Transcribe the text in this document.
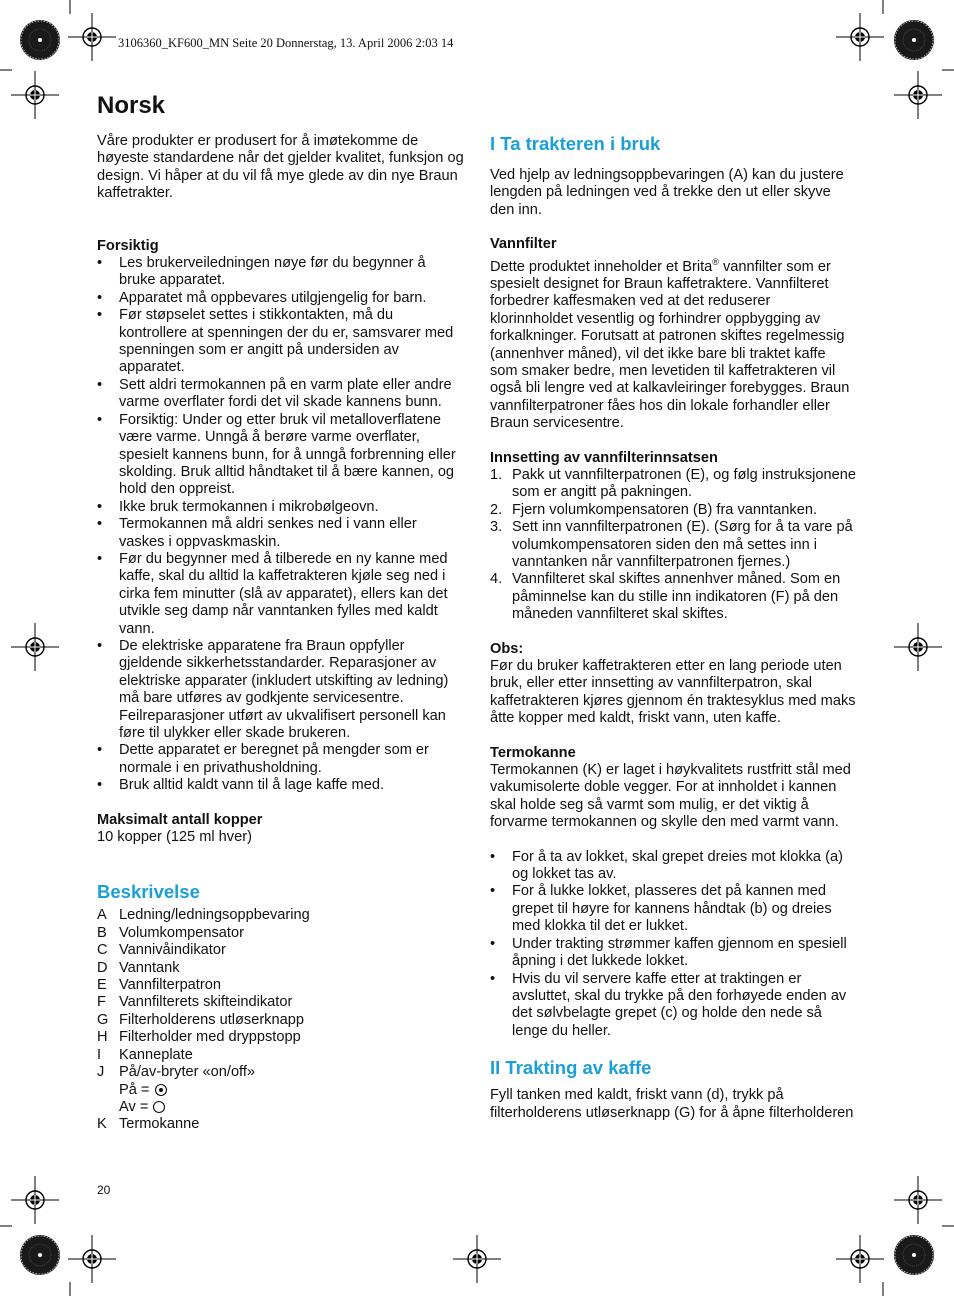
3106360_KF600_MN Seite 20 Donnerstag, 13. April 2006 2:03 14
Norsk

Våre produkter er produsert for å imøtekomme de høyeste standardene når det gjelder kvalitet, funksjon og design. Vi håper at du vil få mye glede av din nye Braun kaffetrakter.

Forsiktig

• Les brukerveiledningen nøye før du begynner å bruke apparatet.
• Apparatet må oppbevares utilgjengelig for barn.
• Før støpselet settes i stikkontakten, må du kontrollere at spenningen der du er, samsvarer med spenningen som er angitt på undersiden av apparatet.
• Sett aldri termokannen på en varm plate eller andre varme overflater fordi det vil skade kannens bunn.
• Forsiktig: Under og etter bruk vil metalloverflatene være varme. Unngå å berøre varme overflater, spesielt kannens bunn, for å unngå forbrenning eller skolding. Bruk alltid håndtaket til å bære kannen, og hold den oppreist.
• Ikke bruk termokannen i mikrobølgeovn.
• Termokannen må aldri senkes ned i vann eller vaskes i oppvaskmaskin.
• Før du begynner med å tilberede en ny kanne med kaffe, skal du alltid la kaffetrakteren kjøle seg ned i cirka fem minutter (slå av apparatet), ellers kan det utvikle seg damp når vanntanken fylles med kaldt vann.
• De elektriske apparatene fra Braun oppfyller gjeldende sikkerhetsstandarder. Reparasjoner av elektriske apparater (inkludert utskifting av ledning) må bare utføres av godkjente servicesentre. Feilreparasjoner utført av ukvalifisert personell kan føre til ulykker eller skade brukeren.
• Dette apparatet er beregnet på mengder som er normale i en privathusholdning.
• Bruk alltid kaldt vann til å lage kaffe med.

Maksimalt antall kopper

10 kopper (125 ml hver)

Beskrivelse
A Ledning/ledningsoppbevaring
B Volumkompensator
C Vannivåindikator
D Vanntank
E Vannfilterpatron
F Vannfilterets skifteindikator
G Filterholderens utløserknapp
H Filterholder med dryppstopp
I Kanneplate
J På/av-bryter «on/off»
På =
Av =
K Termokanne
I Ta trakteren i bruk

Ved hjelp av ledningsoppbevaringen (A) kan du justere lengden på ledningen ved å trekke den ut eller skyve den inn.

Vannfilter

Dette produktet inneholder et Brita® vannfilter som er spesielt designet for Braun kaffetraktere. Vannfilteret forbedrer kaffesmaken ved at det reduserer klorinnholdet vesentlig og forhindrer oppbygging av forkalkninger. Forutsatt at patronen skiftes regelmessig (annenhver måned), vil det ikke bare bli traktet kaffe som smaker bedre, men levetiden til kaffetrakteren vil også bli lengre ved at kalkavleiringer forebygges. Braun vannfilterpatroner fåes hos din lokale forhandler eller Braun servicesentre.

Innsetting av vannfilterinnsatsen

1. Pakk ut vannfilterpatronen (E), og følg instruksjonene som er angitt på pakningen.
2. Fjern volumkompensatoren (B) fra vanntanken.
3. Sett inn vannfilterpatronen (E). (Sørg for å ta vare på volumkompensatoren siden den må settes inn i vanntanken når vannfilterpatronen fjernes.)
4. Vannfilteret skal skiftes annenhver måned. Som en påminnelse kan du stille inn indikatoren (F) på den måneden vannfilteret skal skiftes.

Obs:

Før du bruker kaffetrakteren etter en lang periode uten bruk, eller etter innsetting av vannfilterpatron, skal kaffetrakteren kjøres gjennom én traktesyklus med maks åtte kopper med kaldt, friskt vann, uten kaffe.

Termokanne

Termokannen (K) er laget i høykvalitets rustfritt stål med vakumisolerte doble vegger. For at innholdet i kannen skal holde seg så varmt som mulig, er det viktig å forvarme termokannen og skylle den med varmt vann.

• For å ta av lokket, skal grepet dreies mot klokka (a) og lokket tas av.
• For å lukke lokket, plasseres det på kannen med grepet til høyre for kannens håndtak (b) og dreies med klokka til det er lukket.
• Under trakting strømmer kaffen gjennom en spesiell åpning i det lukkede lokket.
• Hvis du vil servere kaffe etter at traktingen er avsluttet, skal du trykke på den forhøyede enden av det sølvbelagte grepet (c) og holde den nede så lenge du heller.
II Trakting av kaffe

Fyll tanken med kaldt, friskt vann (d), trykk på filterholderens utløserknapp (G) for å åpne filterholderen

20
